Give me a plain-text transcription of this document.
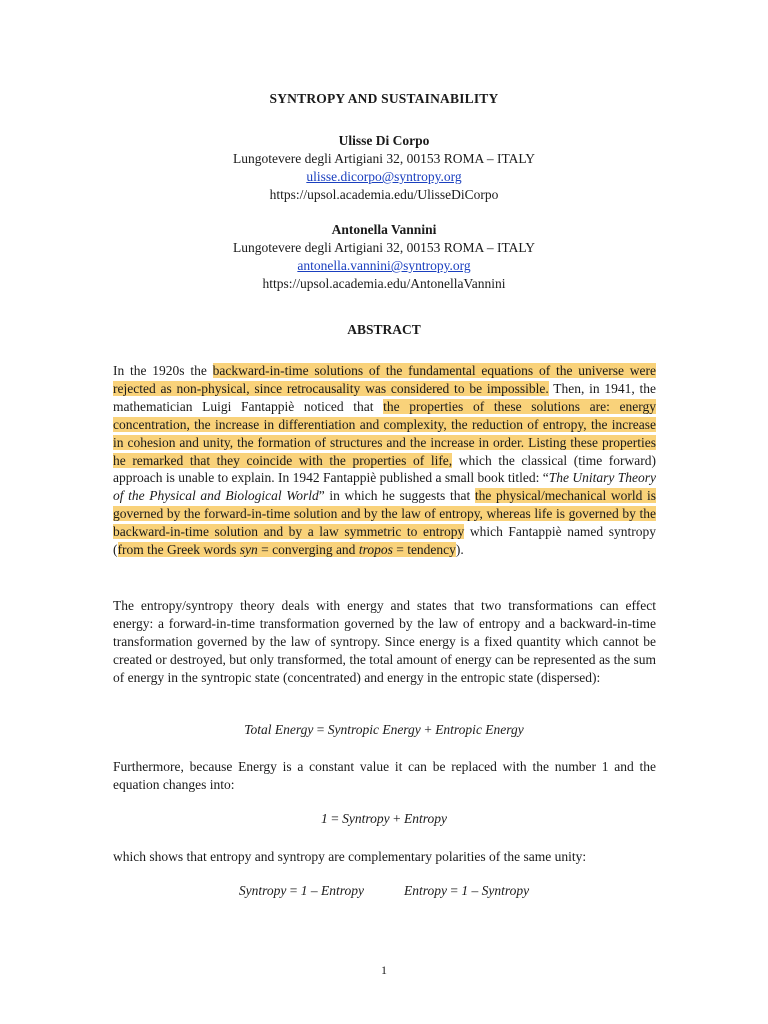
SYNTROPY AND SUSTAINABILITY
Ulisse Di Corpo
Lungotevere degli Artigiani 32, 00153 ROMA – ITALY
ulisse.dicorpo@syntropy.org
https://upsol.academia.edu/UlisseDiCorpo
Antonella Vannini
Lungotevere degli Artigiani 32, 00153 ROMA – ITALY
antonella.vannini@syntropy.org
https://upsol.academia.edu/AntonellaVannini
ABSTRACT
In the 1920s the backward-in-time solutions of the fundamental equations of the universe were rejected as non-physical, since retrocausality was considered to be impossible. Then, in 1941, the mathematician Luigi Fantappiè noticed that the properties of these solutions are: energy concentration, the increase in differentiation and complexity, the reduction of entropy, the increase in cohesion and unity, the formation of structures and the increase in order. Listing these properties he remarked that they coincide with the properties of life, which the classical (time forward) approach is unable to explain. In 1942 Fantappiè published a small book titled: “The Unitary Theory of the Physical and Biological World” in which he suggests that the physical/mechanical world is governed by the forward-in-time solution and by the law of entropy, whereas life is governed by the backward-in-time solution and by a law symmetric to entropy which Fantappiè named syntropy (from the Greek words syn = converging and tropos = tendency).
The entropy/syntropy theory deals with energy and states that two transformations can effect energy: a forward-in-time transformation governed by the law of entropy and a backward-in-time transformation governed by the law of syntropy. Since energy is a fixed quantity which cannot be created or destroyed, but only transformed, the total amount of energy can be represented as the sum of energy in the syntropic state (concentrated) and energy in the entropic state (dispersed):
Total Energy = Syntropic Energy + Entropic Energy
Furthermore, because Energy is a constant value it can be replaced with the number 1 and the equation changes into:
1 = Syntropy + Entropy
which shows that entropy and syntropy are complementary polarities of the same unity:
Syntropy = 1 – Entropy	Entropy = 1 – Syntropy
1
